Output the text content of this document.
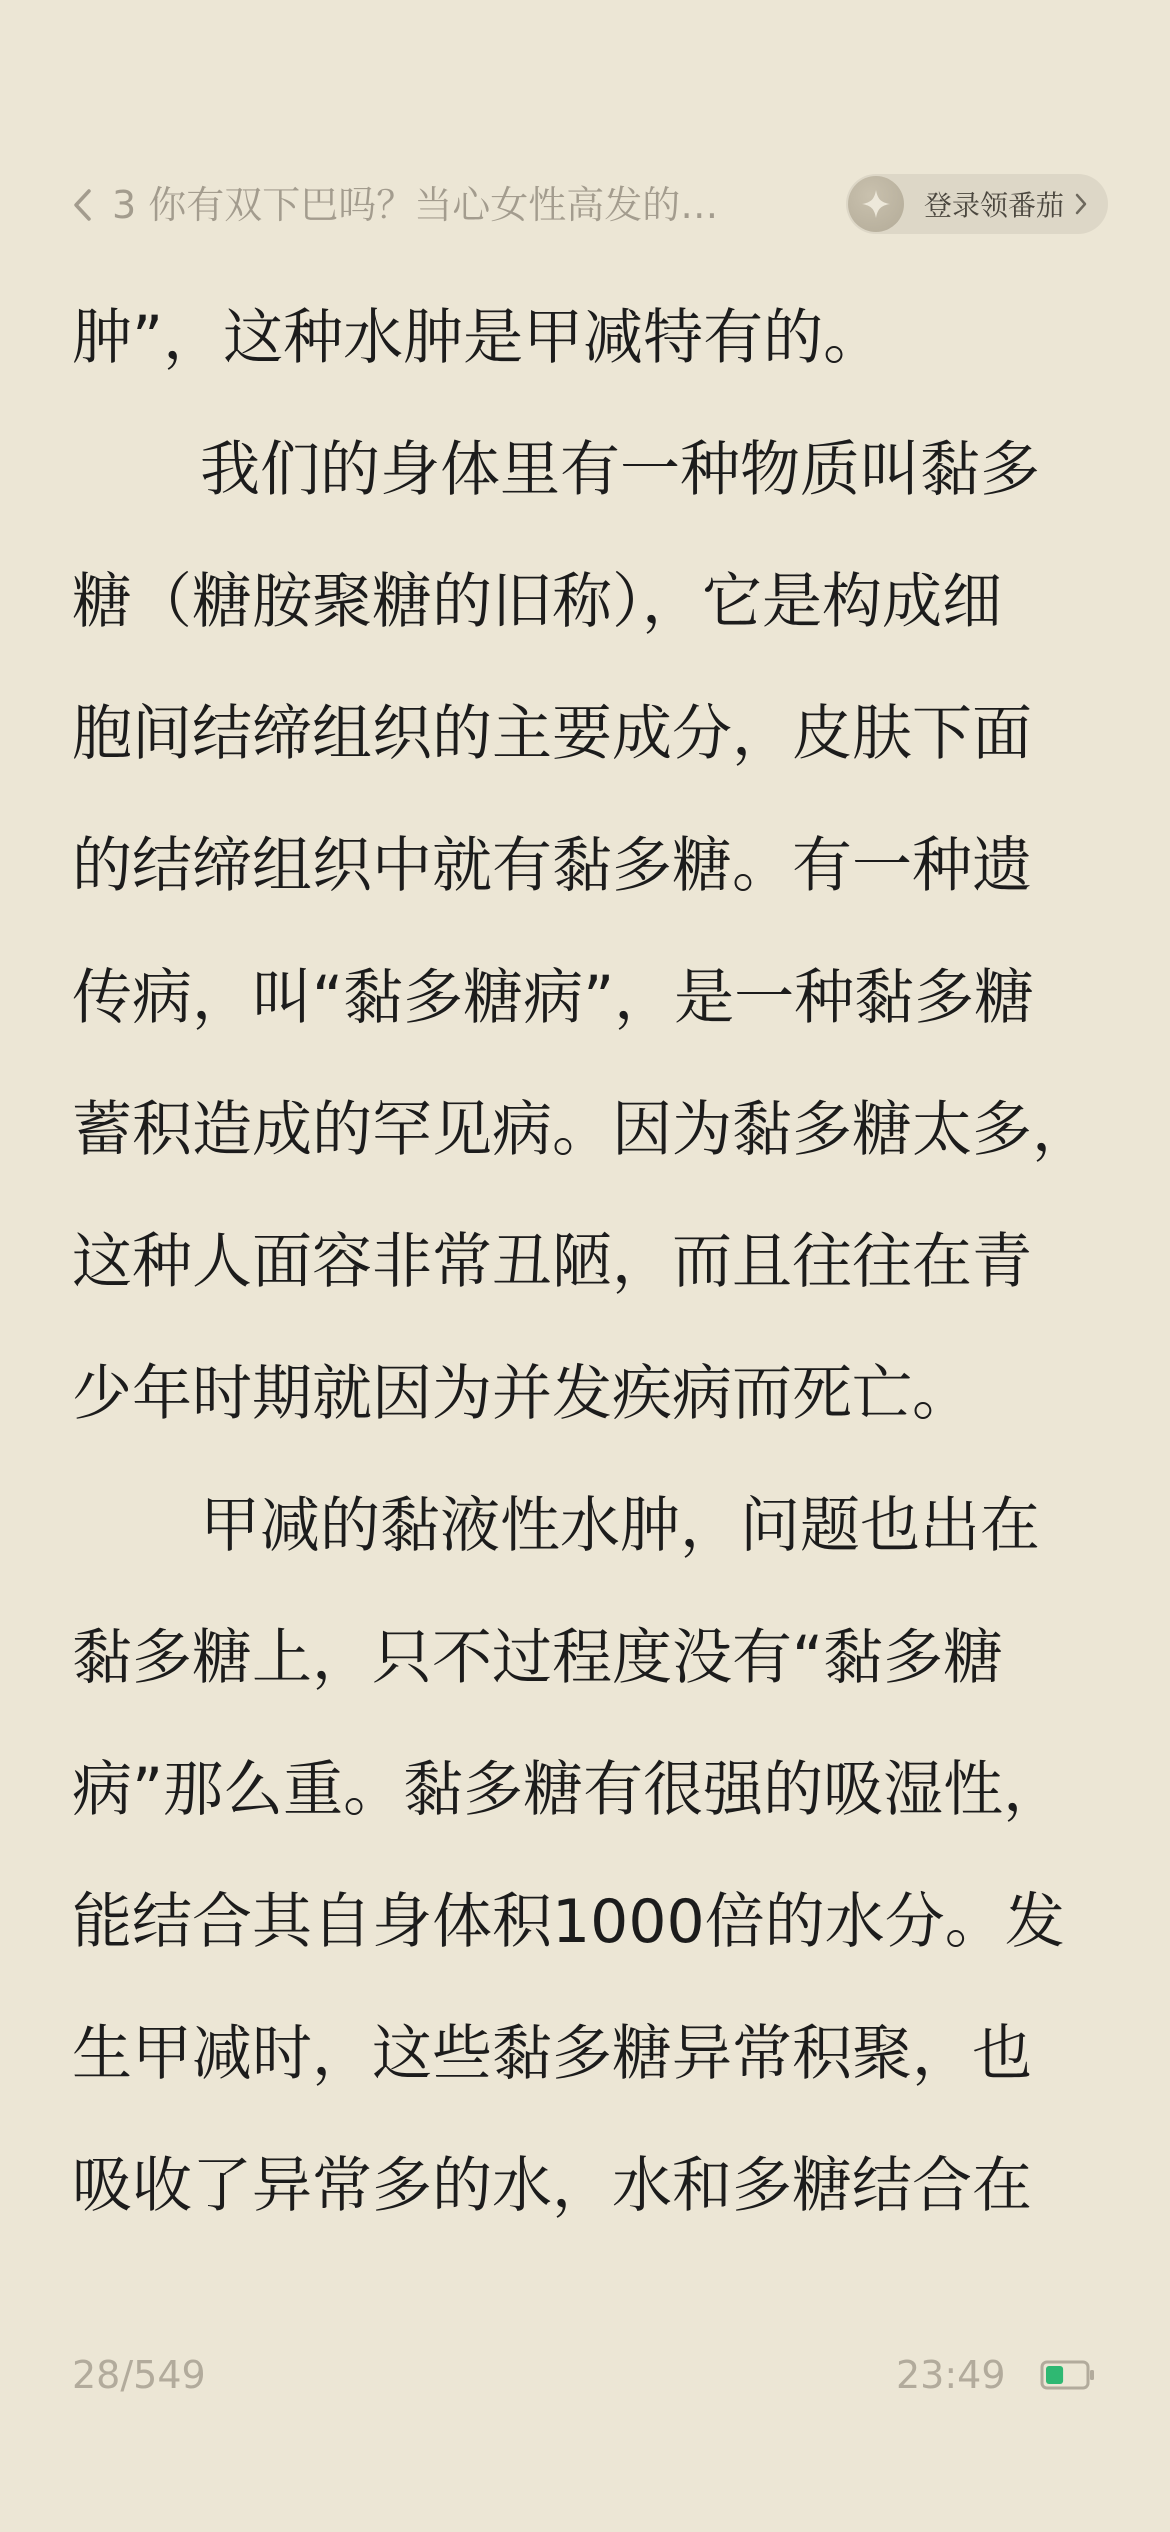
3 你有双下巴吗？当心女性高发的…	登录领番茄
肿”，这种水肿是甲减特有的。
我们的身体里有一种物质叫黏多
糖（糖胺聚糖的旧称），它是构成细
胞间结缔组织的主要成分，皮肤下面
的结缔组织中就有黏多糖。有一种遗
传病，叫“黏多糖病”，是一种黏多糖
蓄积造成的罕见病。因为黏多糖太多，
这种人面容非常丑陋，而且往往在青
少年时期就因为并发疾病而死亡。
甲减的黏液性水肿，问题也出在
黏多糖上，只不过程度没有“黏多糖
病”那么重。黏多糖有很强的吸湿性，
能结合其自身体积1000倍的水分。发
生甲减时，这些黏多糖异常积聚，也
吸收了异常多的水，水和多糖结合在
28/549	23:49
